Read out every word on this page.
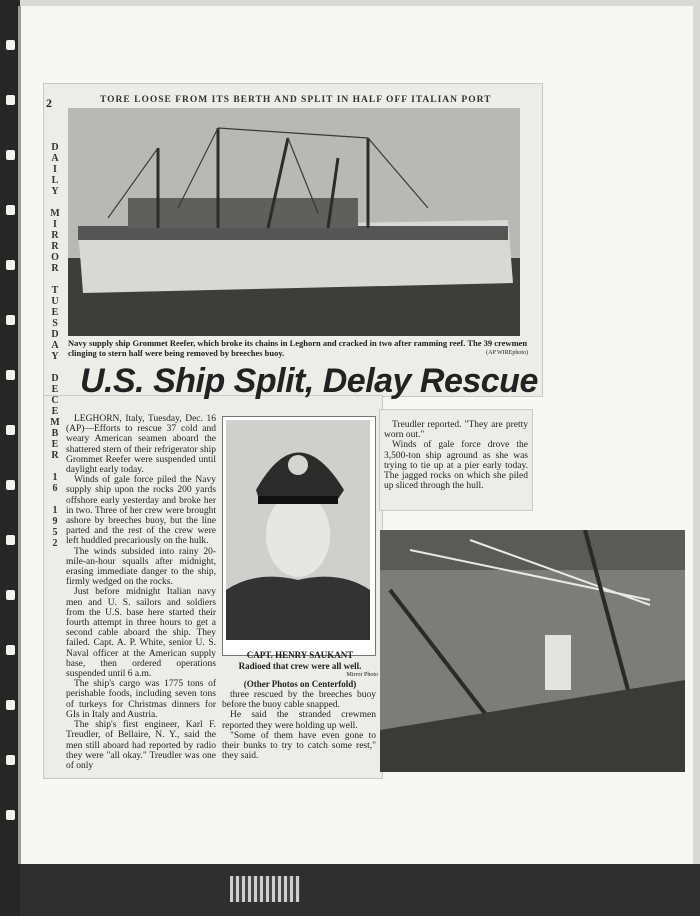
2	TORE LOOSE FROM ITS BERTH AND SPLIT IN HALF OFF ITALIAN PORT
D
A
I
L
Y

M
I
R
R
O
R

T
U
E
S
D
A
Y

D
E
C
E
M
B
E
R

1
6

1
9
5
2
Navy supply ship Grommet Reefer, which broke its chains in Leghorn and cracked in two after ramming reef. The 39 crewmen clinging to stern half were being removed by breeches buoy.	(AP WIREphoto)
U.S. Ship Split, Delay Rescue

LEGHORN, Italy, Tuesday, Dec. 16 (AP)—Efforts to rescue 37 cold and weary American seamen aboard the shattered stern of their refrigerator ship Grommet Reefer were suspended until daylight early today.

Winds of gale force piled the Navy supply ship upon the rocks 200 yards offshore early yesterday and broke her in two. Three of her crew were brought ashore by breeches buoy, but the line parted and the rest of the crew were left huddled precariously on the hulk.

The winds subsided into rainy 20-mile-an-hour squalls after midnight, erasing immediate danger to the ship, firmly wedged on the rocks.

Just before midnight Italian navy men and U. S. sailors and soldiers from the U.S. base here started their fourth attempt in three hours to get a second cable aboard the ship. They failed. Capt. A. P. White, senior U. S. Naval officer at the American supply base, then ordered operations suspended until 6 a.m.

The ship's cargo was 1775 tons of perishable foods, including seven tons of turkeys for Christmas dinners for GIs in Italy and Austria.

The ship's first engineer, Karl F. Treudler, of Bellaire, N. Y., said the men still aboard had reported by radio they were "all okay." Treudler was one of only

three rescued by the breeches buoy before the buoy cable snapped.

He said the stranded crewmen reported they were holding up well.

"Some of them have even gone to their bunks to try to catch some rest," they said.

Treudler reported. "They are pretty worn out."

Winds of gale force drove the 3,500-ton ship aground as she was trying to tie up at a pier early today. The jagged rocks on which she piled up sliced through the hull.

CAPT. HENRY SAUKANT
Radioed that crew were all well.
Mirror Photo
(Other Photos on Centerfold)
